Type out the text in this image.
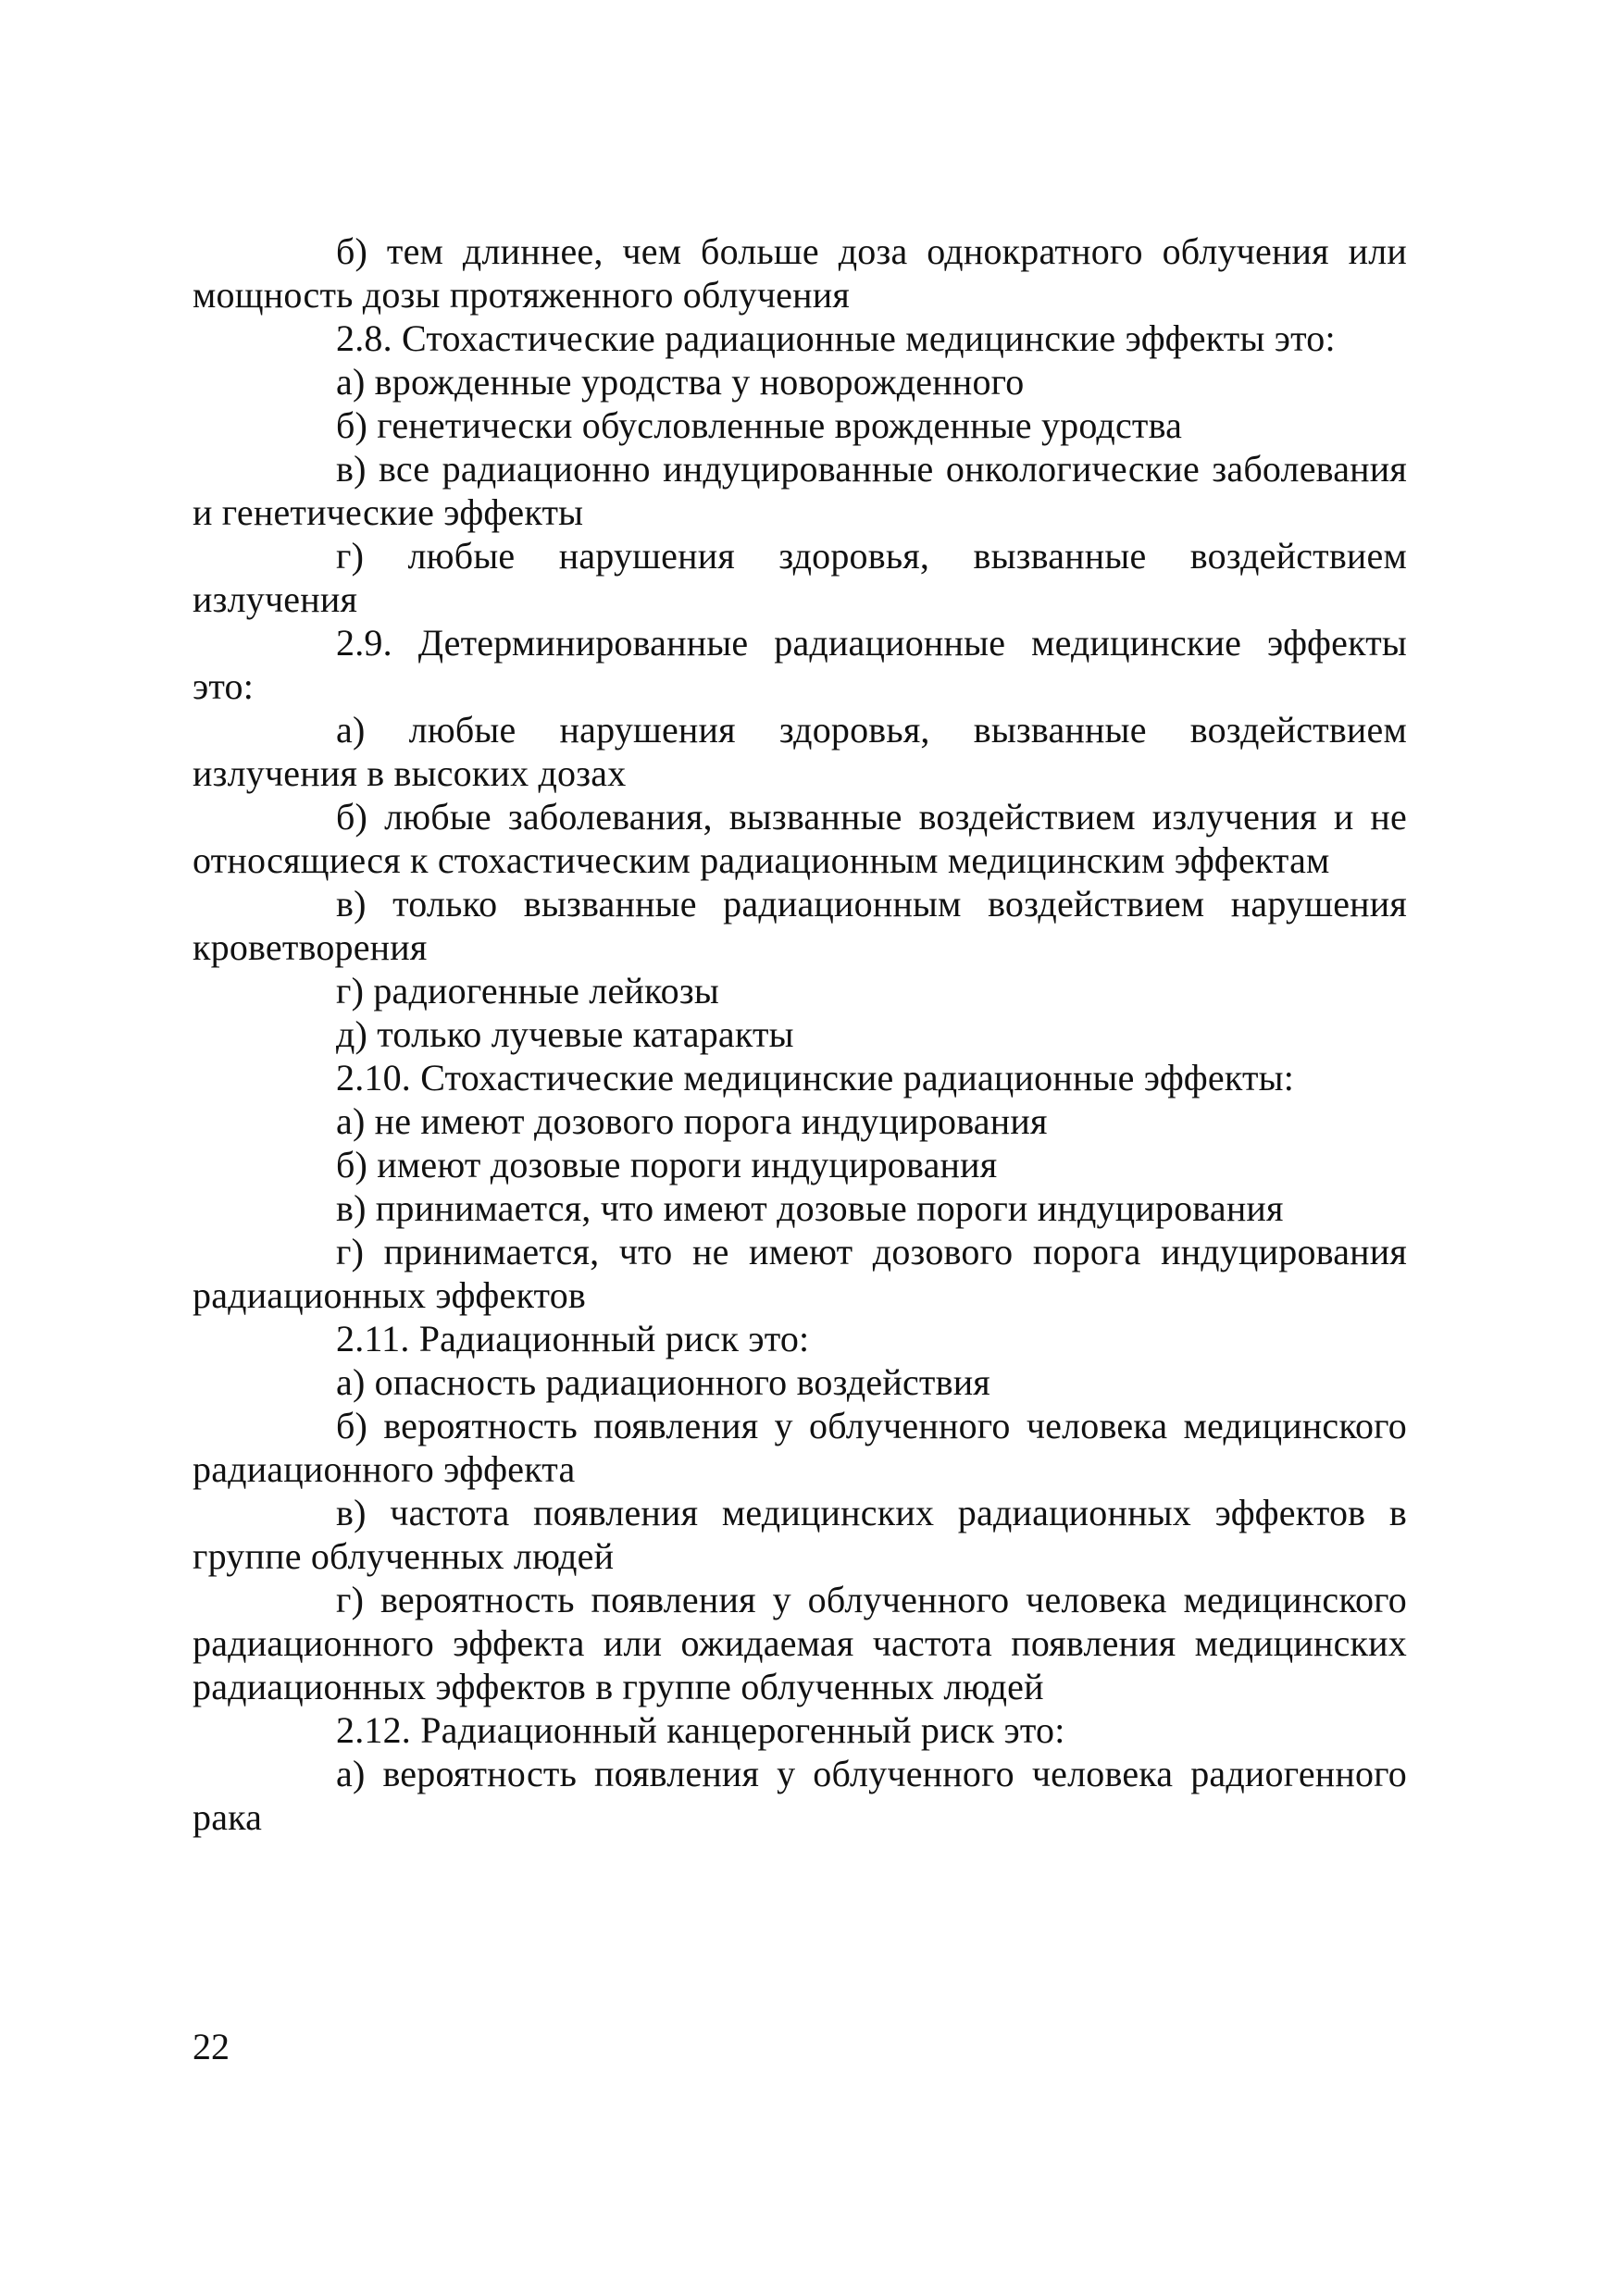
б) тем длиннее, чем больше доза однократного облучения или мощность дозы протяженного облучения

2.8. Стохастические радиационные медицинские эффекты это:

а) врожденные уродства у новорожденного

б) генетически обусловленные врожденные уродства

в) все радиационно индуцированные онкологические заболевания и генетические эффекты

г) любые нарушения здоровья, вызванные воздействием излучения

2.9. Детерминированные радиационные медицинские эффекты это:

а) любые нарушения здоровья, вызванные воздействием излучения в высоких дозах

б) любые заболевания, вызванные воздействием излучения и не относящиеся к стохастическим радиационным медицинским эффектам

в) только вызванные радиационным воздействием нарушения кроветворения

г) радиогенные лейкозы

д) только лучевые катаракты

2.10. Стохастические медицинские радиационные эффекты:

а) не имеют дозового порога индуцирования

б) имеют дозовые пороги индуцирования

в) принимается, что имеют дозовые пороги индуцирования

г) принимается, что не имеют дозового порога индуцирования радиационных эффектов

2.11. Радиационный риск это:

а) опасность радиационного воздействия

б) вероятность появления у облученного человека медицинского радиационного эффекта

в) частота появления медицинских радиационных эффектов в группе облученных людей

г) вероятность появления у облученного человека медицинского радиационного эффекта или ожидаемая частота появления медицинских радиационных эффектов в группе облученных людей

2.12. Радиационный канцерогенный риск это:

а) вероятность появления у облученного человека радиогенного рака

22
